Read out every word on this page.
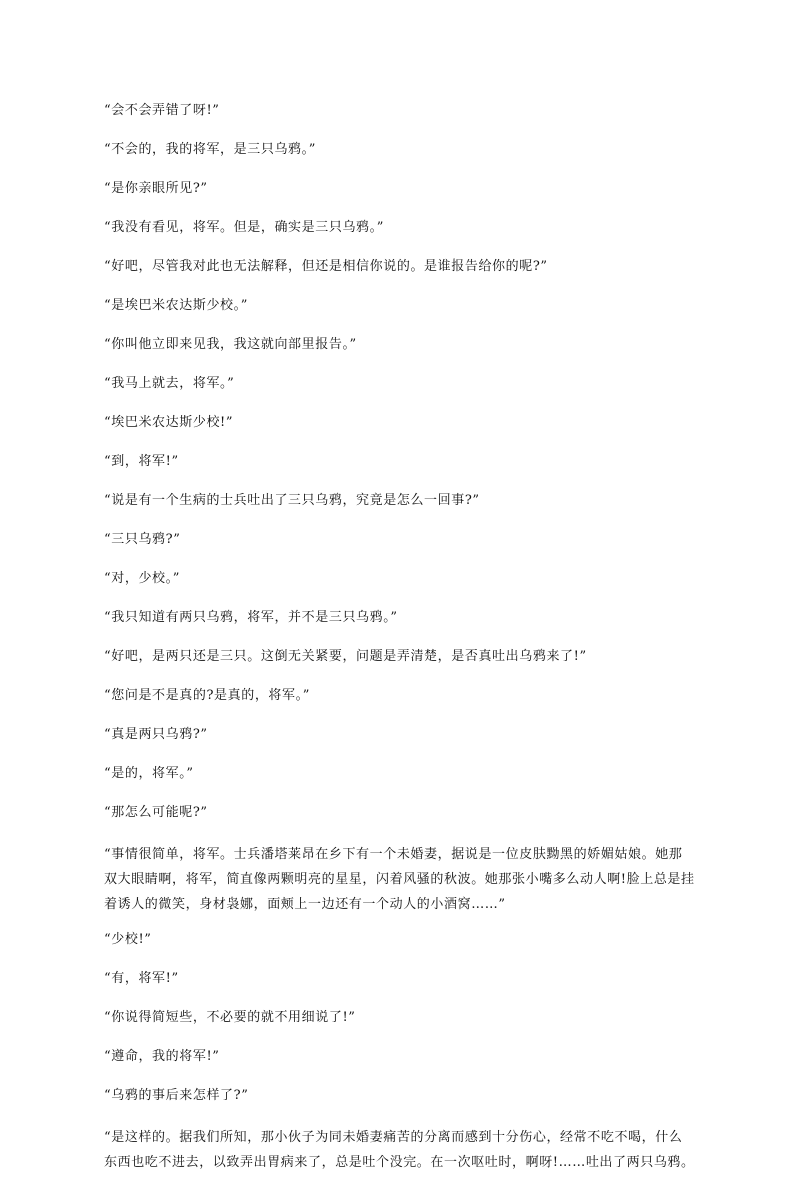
“会不会弄错了呀!”

“不会的，我的将军，是三只乌鸦。”

“是你亲眼所见?”

“我没有看见，将军。但是，确实是三只乌鸦。”

“好吧，尽管我对此也无法解释，但还是相信你说的。是谁报告给你的呢?”

“是埃巴米农达斯少校。”

“你叫他立即来见我，我这就向部里报告。”

“我马上就去，将军。”

“埃巴米农达斯少校!”

“到，将军!”

“说是有一个生病的士兵吐出了三只乌鸦，究竟是怎么一回事?”

“三只乌鸦?”

“对，少校。”

“我只知道有两只乌鸦，将军，并不是三只乌鸦。”

“好吧，是两只还是三只。这倒无关紧要，问题是弄清楚，是否真吐出乌鸦来了!”

“您问是不是真的?是真的，将军。”

“真是两只乌鸦?”

“是的，将军。”

“那怎么可能呢?”

“事情很简单，将军。士兵潘塔莱昂在乡下有一个未婚妻，据说是一位皮肤黝黑的娇媚姑娘。她那双大眼睛啊，将军，简直像两颗明亮的星星，闪着风骚的秋波。她那张小嘴多么动人啊!脸上总是挂着诱人的微笑，身材袅娜，面颊上一边还有一个动人的小酒窝……”

“少校!”

“有，将军!”

“你说得简短些，不必要的就不用细说了!”

“遵命，我的将军!”

“乌鸦的事后来怎样了?”

“是这样的。据我们所知，那小伙子为同未婚妻痛苦的分离而感到十分伤心，经常不吃不喝，什么东西也吃不进去，以致弄出胃病来了，总是吐个没完。在一次呕吐时，啊呀!……吐出了两只乌鸦。
